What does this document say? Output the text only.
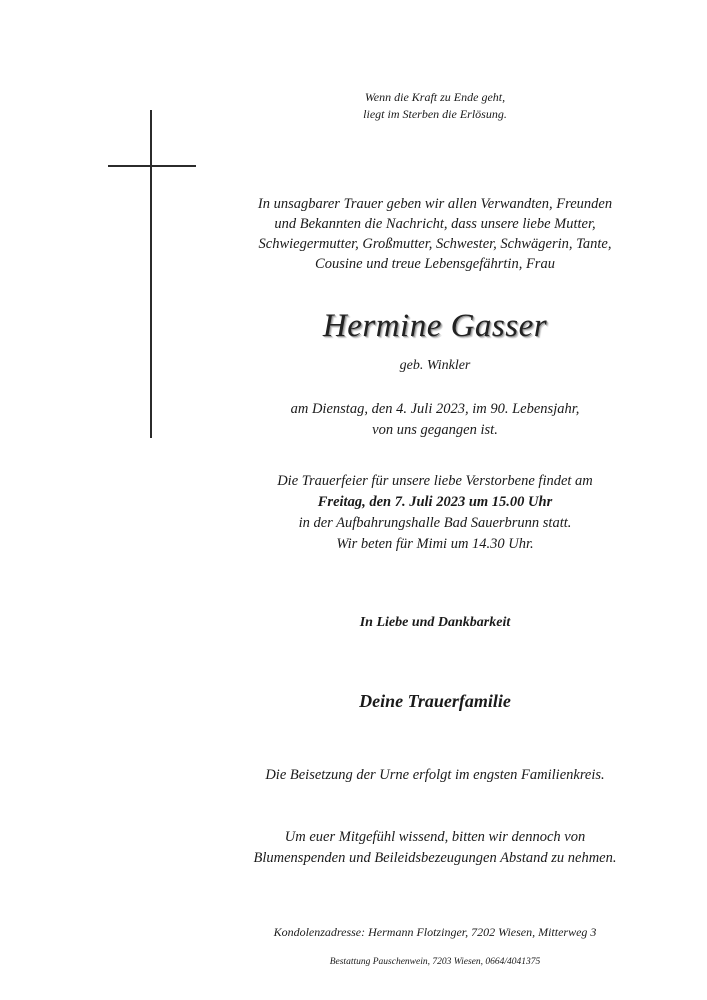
Wenn die Kraft zu Ende geht,
liegt im Sterben die Erlösung.
In unsagbarer Trauer geben wir allen Verwandten, Freunden
und Bekannten die Nachricht, dass unsere liebe Mutter,
Schwiegermutter, Großmutter, Schwester, Schwägerin, Tante,
Cousine und treue Lebensgefährtin, Frau
Hermine Gasser
geb. Winkler
am Dienstag, den 4. Juli 2023, im 90. Lebensjahr,
von uns gegangen ist.
Die Trauerfeier für unsere liebe Verstorbene findet am
Freitag, den 7. Juli 2023 um 15.00 Uhr
in der Aufbahrungshalle Bad Sauerbrunn statt.
Wir beten für Mimi um 14.30 Uhr.
In Liebe und Dankbarkeit
Deine Trauerfamilie
Die Beisetzung der Urne erfolgt im engsten Familienkreis.
Um euer Mitgefühl wissend, bitten wir dennoch von
Blumenspenden und Beileidsbezeugungen Abstand zu nehmen.
Kondolenzadresse: Hermann Flotzinger, 7202 Wiesen, Mitterweg 3
Bestattung Pauschenwein, 7203 Wiesen, 0664/4041375
